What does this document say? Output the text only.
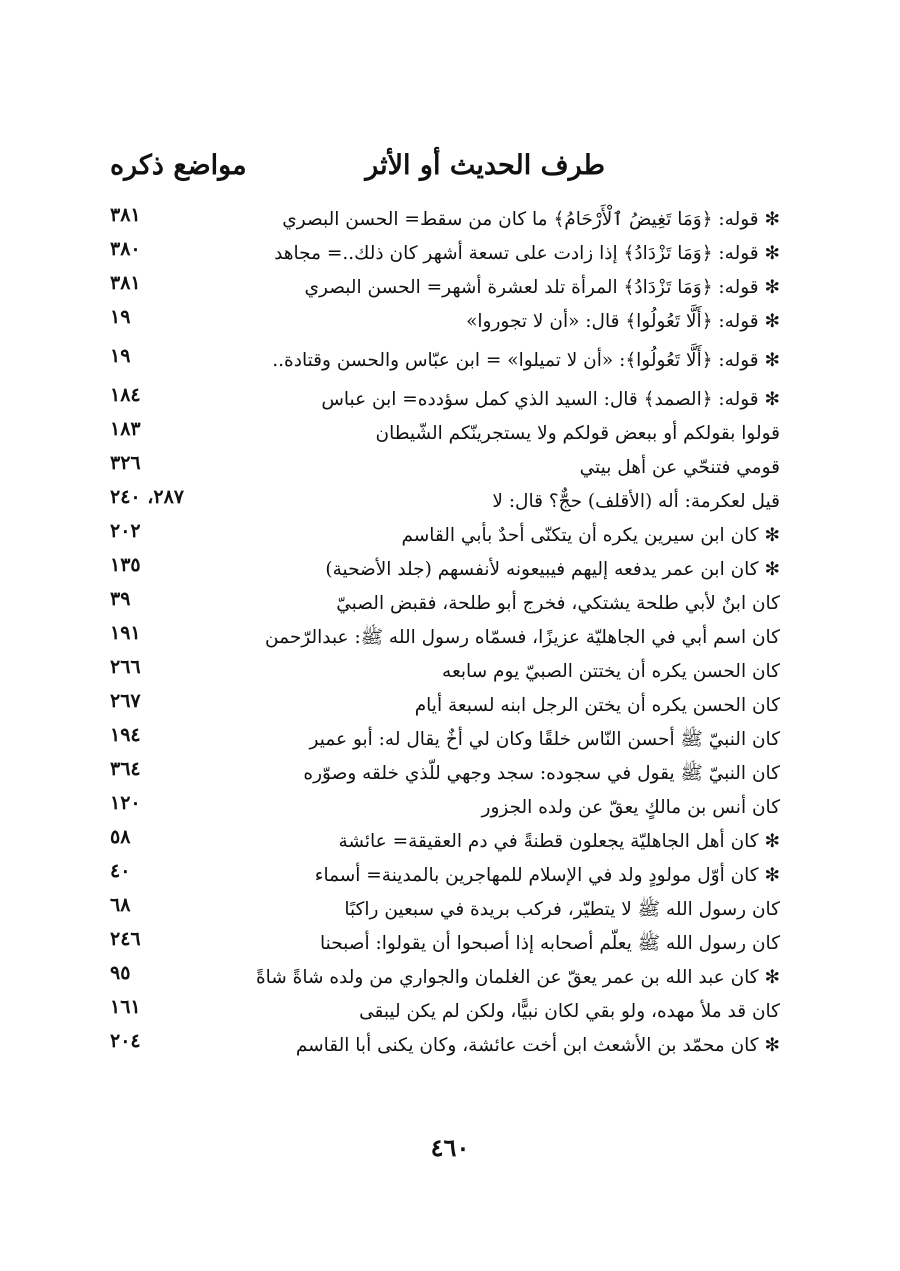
طرف الحديث أو الأثر
مواضع ذكره
✻ قوله: ﴿وَمَا تَغِيضُ ٱلْأَرْحَامُ﴾ ما كان من سقط= الحسن البصري
٣٨١
✻ قوله: ﴿وَمَا تَزْدَادُ﴾ إذا زادت على تسعة أشهر كان ذلك..= مجاهد
٣٨٠
✻ قوله: ﴿وَمَا تَزْدَادُ﴾ المرأة تلد لعشرة أشهر= الحسن البصري
٣٨١
✻ قوله: ﴿أَلَّا تَعُولُوا﴾ قال: «أن لا تجوروا»
١٩
✻ قوله: ﴿أَلَّا تَعُولُوا﴾: «أن لا تميلوا» = ابن عبّاس والحسن وقتادة..
١٩
✻ قوله: ﴿الصمد﴾ قال: السيد الذي كمل سؤدده= ابن عباس
١٨٤
قولوا بقولكم أو ببعض قولكم ولا يستجرينّكم الشّيطان
١٨٣
قومي فتنحّي عن أهل بيتي
٣٢٦
قيل لعكرمة: أله (الأقلف) حجٌّ؟ قال: لا
٢٨٧، ٢٤٠
✻ كان ابن سيرين يكره أن يتكنّى أحدٌ بأبي القاسم
٢٠٢
✻ كان ابن عمر يدفعه إليهم فيبيعونه لأنفسهم (جلد الأضحية)
١٣٥
كان ابنٌ لأبي طلحة يشتكي، فخرج أبو طلحة، فقبض الصبيّ
٣٩
كان اسم أبي في الجاهليّة عزيزًا، فسمّاه رسول الله ﷺ: عبدالرّحمن
١٩١
كان الحسن يكره أن يختتن الصبيّ يوم سابعه
٢٦٦
كان الحسن يكره أن يختن الرجل ابنه لسبعة أيام
٢٦٧
كان النبيّ ﷺ أحسن النّاس خلقًا وكان لي أخٌ يقال له: أبو عمير
١٩٤
كان النبيّ ﷺ يقول في سجوده: سجد وجهي للّذي خلقه وصوّره
٣٦٤
كان أنس بن مالكٍ يعقّ عن ولده الجزور
١٢٠
✻ كان أهل الجاهليّة يجعلون قطنةً في دم العقيقة= عائشة
٥٨
✻ كان أوّل مولودٍ ولد في الإسلام للمهاجرين بالمدينة= أسماء
٤٠
كان رسول الله ﷺ لا يتطيّر، فركب بريدة في سبعين راكبًا
٦٨
كان رسول الله ﷺ يعلّم أصحابه إذا أصبحوا أن يقولوا: أصبحنا
٢٤٦
✻ كان عبد الله بن عمر يعقّ عن الغلمان والجواري من ولده شاةً شاةً
٩٥
كان قد ملأ مهده، ولو بقي لكان نبيًّا، ولكن لم يكن ليبقى
١٦١
✻ كان محمّد بن الأشعث ابن أخت عائشة، وكان يكنى أبا القاسم
٢٠٤
٤٦٠
